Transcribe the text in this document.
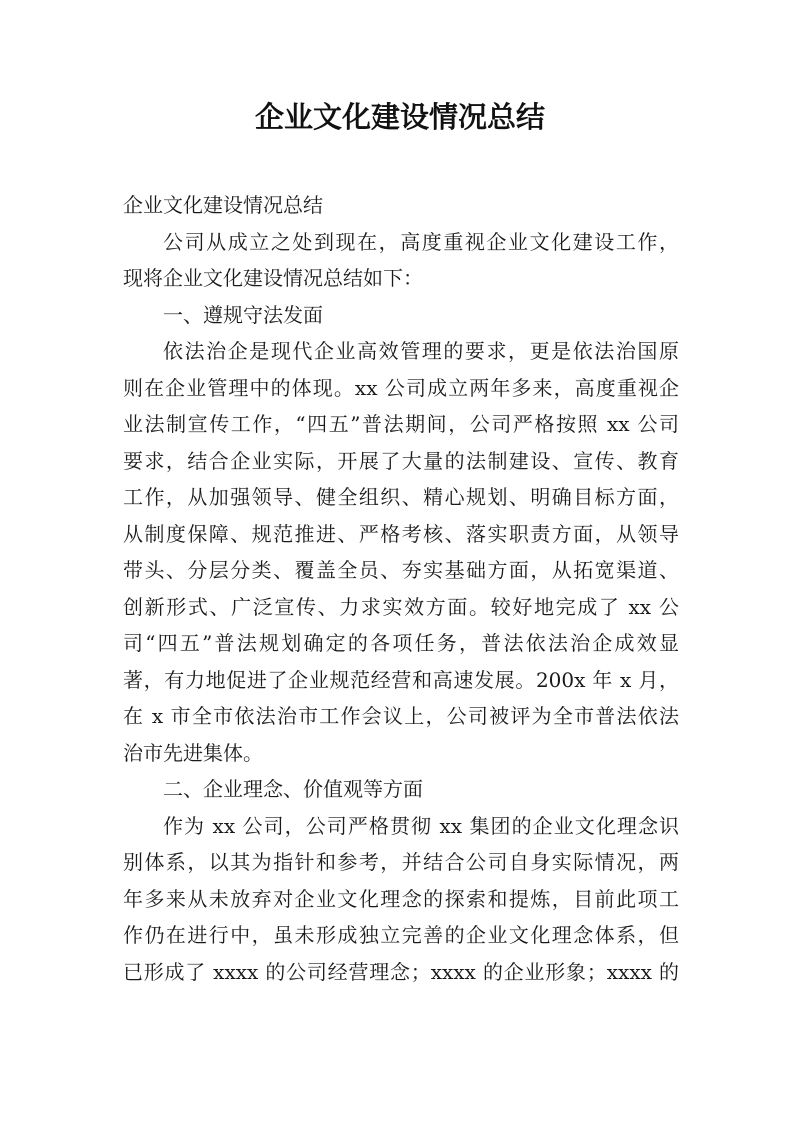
企业文化建设情况总结
企业文化建设情况总结
公司从成立之处到现在，高度重视企业文化建设工作，
现将企业文化建设情况总结如下：
一、遵规守法发面
依法治企是现代企业高效管理的要求，更是依法治国原
则在企业管理中的体现。xx 公司成立两年多来，高度重视企
业法制宣传工作，“四五”普法期间，公司严格按照 xx 公司
要求，结合企业实际，开展了大量的法制建设、宣传、教育
工作，从加强领导、健全组织、精心规划、明确目标方面，
从制度保障、规范推进、严格考核、落实职责方面，从领导
带头、分层分类、覆盖全员、夯实基础方面，从拓宽渠道、
创新形式、广泛宣传、力求实效方面。较好地完成了 xx 公
司“四五”普法规划确定的各项任务，普法依法治企成效显
著，有力地促进了企业规范经营和高速发展。200x 年 x 月，
在 x 市全市依法治市工作会议上，公司被评为全市普法依法
治市先进集体。
二、企业理念、价值观等方面
作为 xx 公司，公司严格贯彻 xx 集团的企业文化理念识
别体系，以其为指针和参考，并结合公司自身实际情况，两
年多来从未放弃对企业文化理念的探索和提炼，目前此项工
作仍在进行中，虽未形成独立完善的企业文化理念体系，但
已形成了 xxxx 的公司经营理念；xxxx 的企业形象；xxxx 的
